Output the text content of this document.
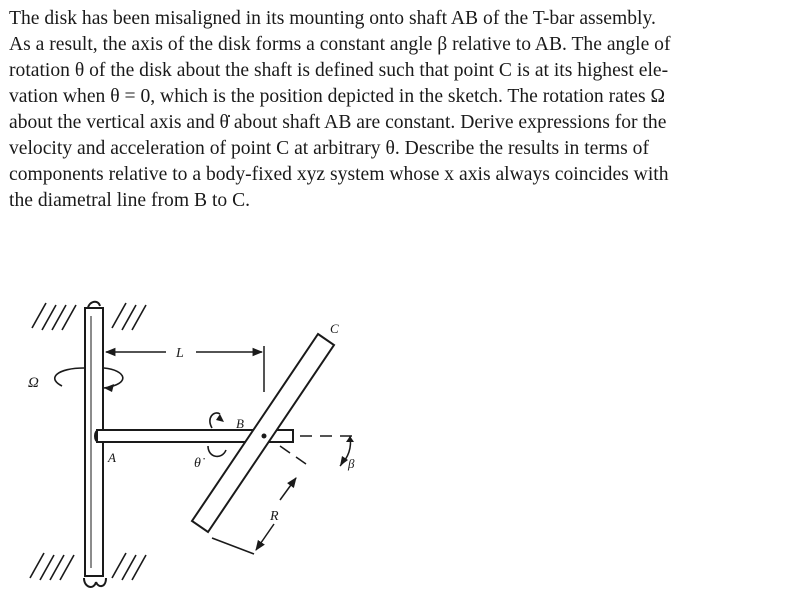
The disk has been misaligned in its mounting onto shaft AB of the T-bar assembly.
As a result, the axis of the disk forms a constant angle β relative to AB. The angle of
rotation θ of the disk about the shaft is defined such that point C is at its highest ele-
vation when θ = 0, which is the position depicted in the sketch. The rotation rates Ω
about the vertical axis and θ̇ about shaft AB are constant. Derive expressions for the
velocity and acceleration of point C at arbitrary θ. Describe the results in terms of
components relative to a body-fixed xyz system whose x axis always coincides with
the diametral line from B to C.
Ω
L
A
B
C
θ̇	β
R
